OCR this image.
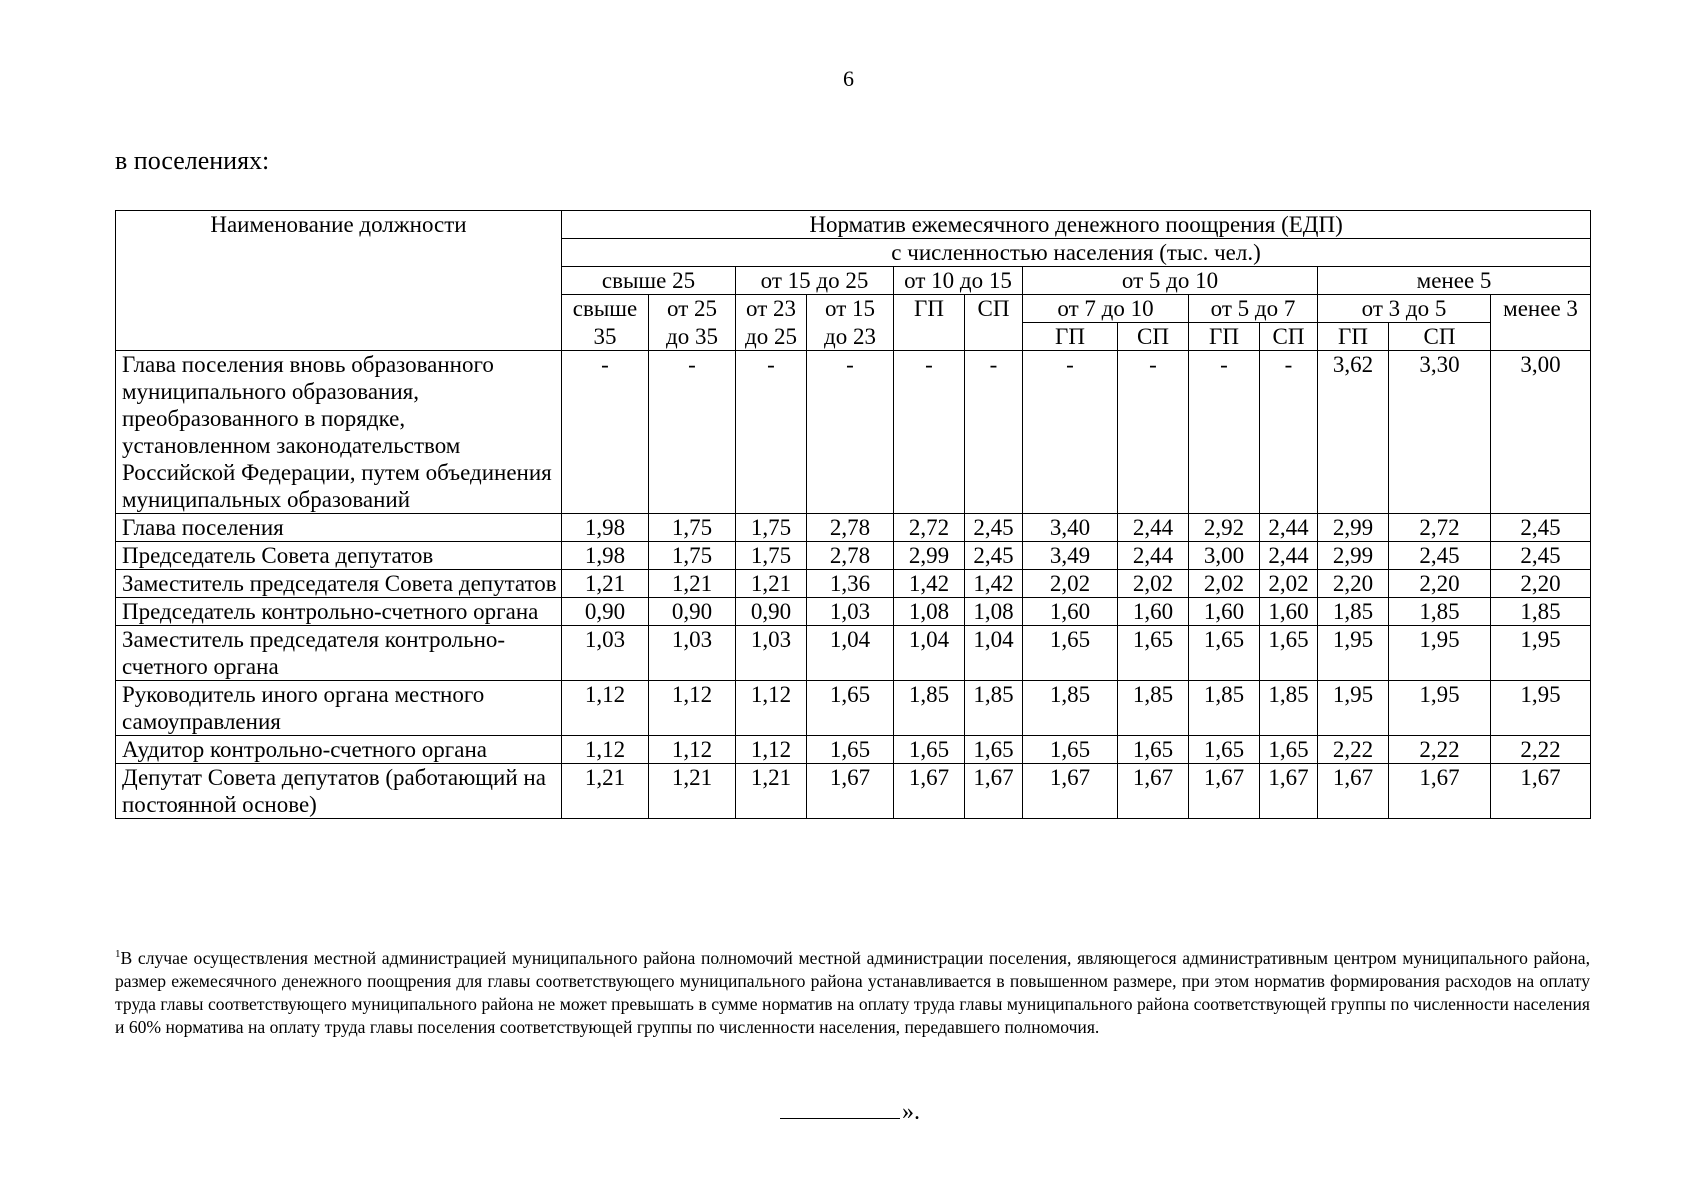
6
в поселениях:
Наименование должности	Норматив ежемесячного денежного поощрения (ЕДП)												
	с численностью населения (тыс. чел.)												
	свыше 25		от 15 до 25		от 10 до 15		от 5 до 10				менее 5		
	свыше	от 25	от 23	от 15	ГП	СП	от 7 до 10		от 5 до 7		от 3 до 5		менее 3
	35	до 35	до 25	до 23			ГП	СП	ГП	СП	ГП	СП	
Глава поселения вновь образованного муниципального образования, преобразованного в порядке, установленном законодательством Российской Федерации, путем объединения муниципальных образований	-	-	-	-	-	-	-	-	-	-	3,62	3,30	3,00
Глава поселения	1,98	1,75	1,75	2,78	2,72	2,45	3,40	2,44	2,92	2,44	2,99	2,72	2,45
Председатель Совета депутатов	1,98	1,75	1,75	2,78	2,99	2,45	3,49	2,44	3,00	2,44	2,99	2,45	2,45
Заместитель председателя Совета депутатов	1,21	1,21	1,21	1,36	1,42	1,42	2,02	2,02	2,02	2,02	2,20	2,20	2,20
Председатель контрольно-счетного органа	0,90	0,90	0,90	1,03	1,08	1,08	1,60	1,60	1,60	1,60	1,85	1,85	1,85
Заместитель председателя контрольно-счетного органа	1,03	1,03	1,03	1,04	1,04	1,04	1,65	1,65	1,65	1,65	1,95	1,95	1,95
Руководитель иного органа местного самоуправления	1,12	1,12	1,12	1,65	1,85	1,85	1,85	1,85	1,85	1,85	1,95	1,95	1,95
Аудитор контрольно-счетного органа	1,12	1,12	1,12	1,65	1,65	1,65	1,65	1,65	1,65	1,65	2,22	2,22	2,22
Депутат Совета депутатов (работающий на постоянной основе)	1,21	1,21	1,21	1,67	1,67	1,67	1,67	1,67	1,67	1,67	1,67	1,67	1,67
$^1$В случае осуществления местной администрацией муниципального района полномочий местной администрации поселения, являющегося административным центром муниципального района, размер ежемесячного денежного поощрения для главы соответствующего муниципального района устанавливается в повышенном размере, при этом норматив формирования расходов на оплату труда главы соответствующего муниципального района не может превышать в сумме норматив на оплату труда главы муниципального района соответствующей группы по численности населения и 60% норматива на оплату труда главы поселения соответствующей группы по численности населения, передавшего полномочия.
».
